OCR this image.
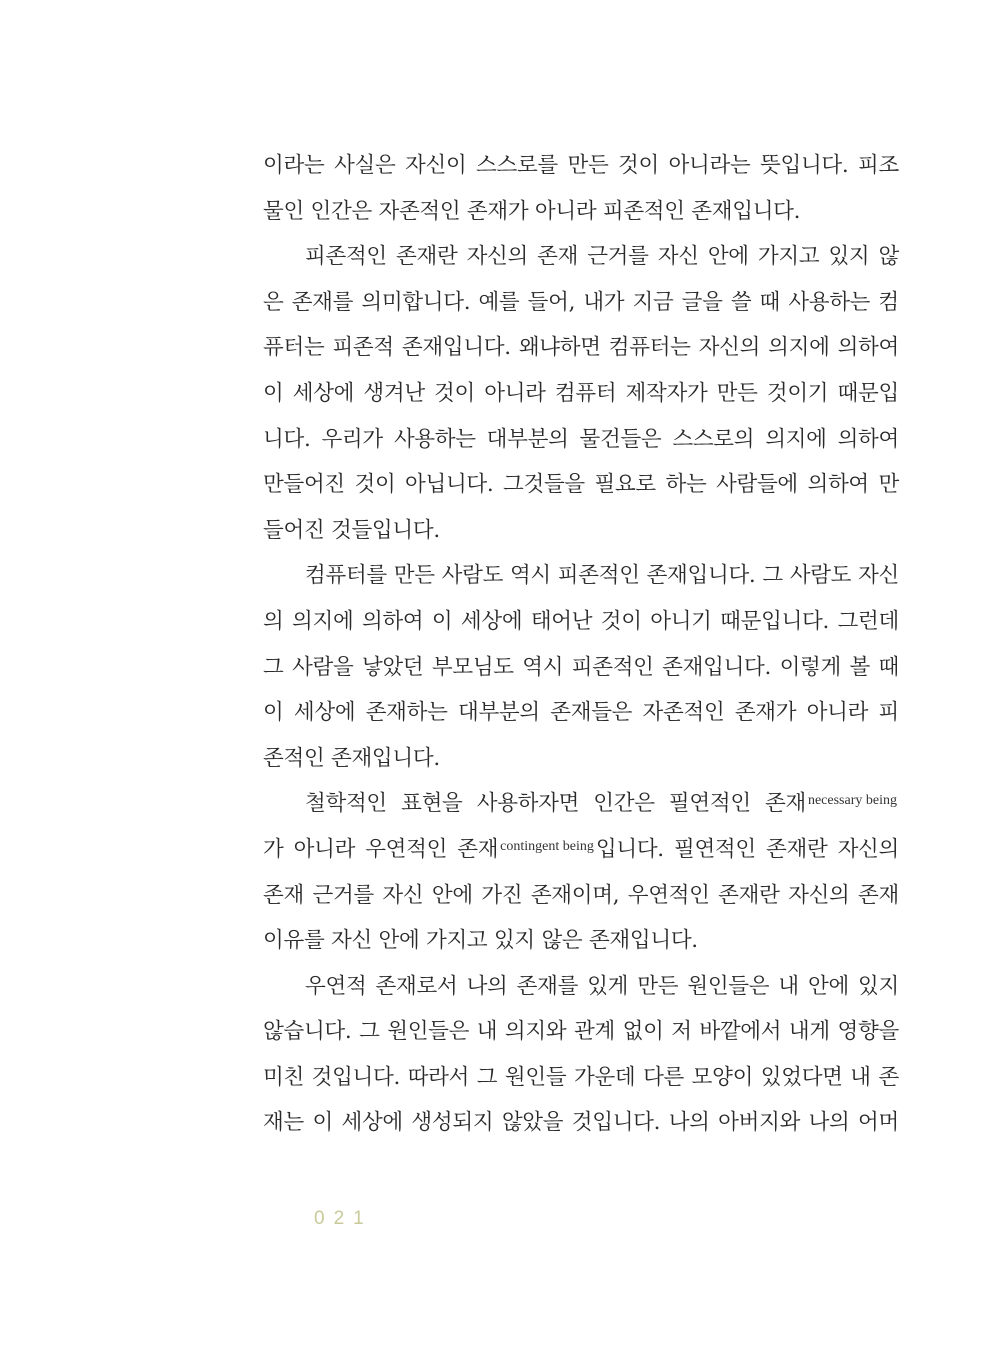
이라는 사실은 자신이 스스로를 만든 것이 아니라는 뜻입니다. 피조
물인
인간은
자존적인
존재가
아니라
피존적인
존재입니다.

피존적인 존재란 자신의 존재 근거를 자신 안에 가지고 있지 않
은 존재를 의미합니다. 예를 들어, 내가 지금 글을 쓸 때 사용하는 컴
퓨터는 피존적 존재입니다. 왜냐하면 컴퓨터는 자신의 의지에 의하여
이 세상에 생겨난 것이 아니라 컴퓨터 제작자가 만든 것이기 때문입
니다. 우리가 사용하는 대부분의 물건들은 스스로의 의지에 의하여
만들어진 것이 아닙니다. 그것들을 필요로 하는 사람들에 의하여 만
들어진
것들입니다.

컴퓨터를 만든 사람도 역시 피존적인 존재입니다. 그 사람도 자신
의 의지에 의하여 이 세상에 태어난 것이 아니기 때문입니다. 그런데
그 사람을 낳았던 부모님도 역시 피존적인 존재입니다. 이렇게 볼 때
이 세상에 존재하는 대부분의 존재들은 자존적인 존재가 아니라 피
존적인
존재입니다.

철학적인 표현을 사용하자면 인간은 필연적인 존재 $^{necessary being}$
가 아니라 우연적인 존재 $^{contingent being}$입니다. 필연적인 존재란 자신의
존재 근거를 자신 안에 가진 존재이며, 우연적인 존재란 자신의 존재
이유를
자신
안에
가지고
있지
않은
존재입니다.

우연적 존재로서 나의 존재를 있게 만든 원인들은 내 안에 있지
않습니다. 그 원인들은 내 의지와 관계 없이 저 바깥에서 내게 영향을
미친 것입니다. 따라서 그 원인들 가운데 다른 모양이 있었다면 내 존
재는 이 세상에 생성되지 않았을 것입니다. 나의 아버지와 나의 어머
021
